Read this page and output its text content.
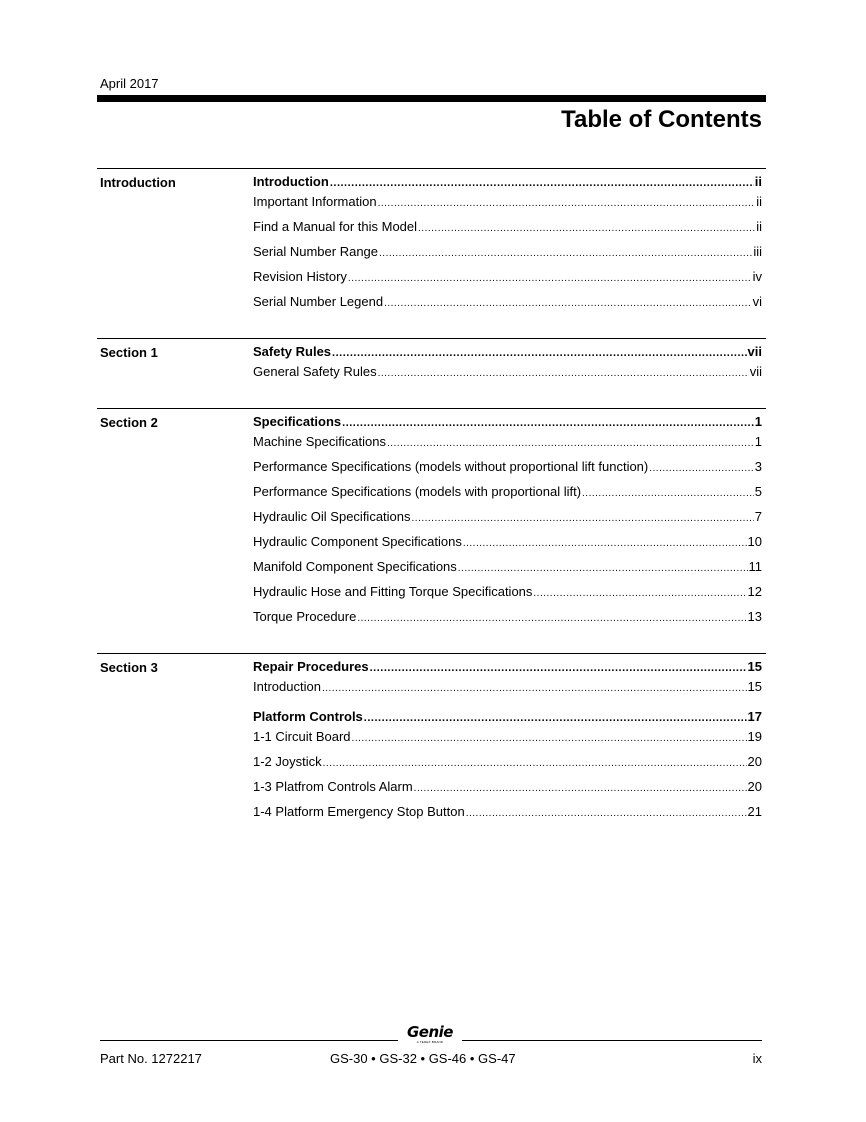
April 2017
Table of Contents
Introduction	Introduction .....	ii
Important Information .....	ii
Find a Manual for this Model .....	ii
Serial Number Range .....	iii
Revision History .....	iv
Serial Number Legend .....	vi
Section 1	Safety Rules .....	vii
General Safety Rules .....	vii
Section 2	Specifications .....	1
Machine Specifications .....	1
Performance Specifications (models without proportional lift function) .....	3
Performance Specifications (models with proportional lift) .....	5
Hydraulic Oil Specifications .....	7
Hydraulic Component Specifications .....	10
Manifold Component Specifications .....	11
Hydraulic Hose and Fitting Torque Specifications .....	12
Torque Procedure .....	13
Section 3	Repair Procedures .....	15
Introduction .....	15
Platform Controls .....	17
1-1 Circuit Board .....	19
1-2 Joystick .....	20
1-3 Platfrom Controls Alarm .....	20
1-4 Platform Emergency Stop Button .....	21
Genie
A TEREX BRAND
Part No. 1272217	GS-30 • GS-32 • GS-46 • GS-47	ix
